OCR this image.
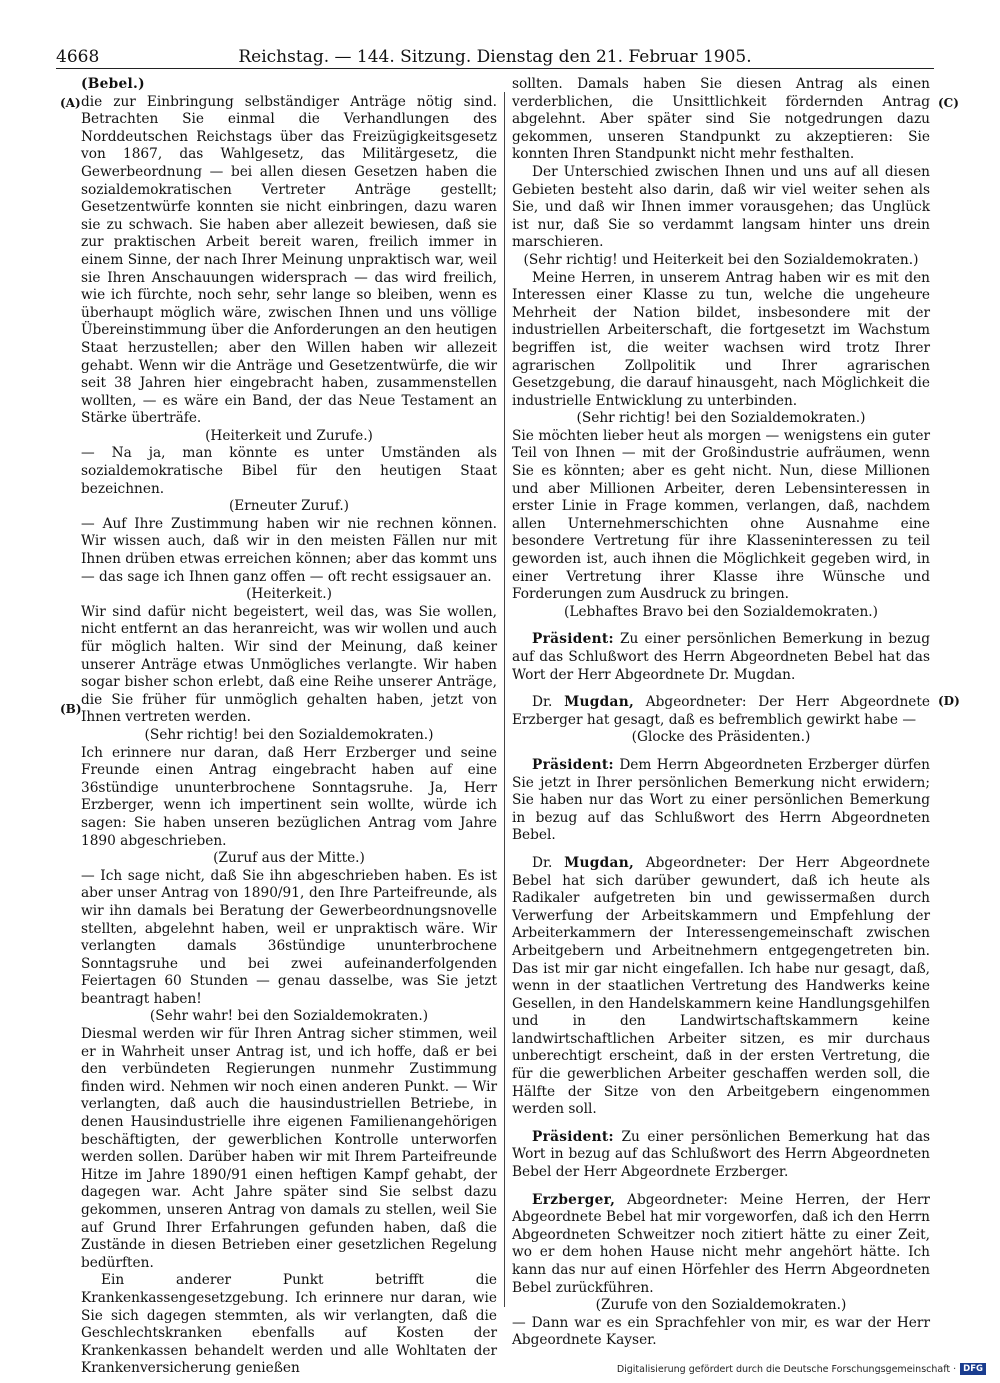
4668	Reichstag. — 144. Sitzung. Dienstag den 21. Februar 1905.
(A)
(B)
(C)
(D)

(Bebel.)

die zur Einbringung selbständiger Anträge nötig sind. Betrachten Sie einmal die Verhandlungen des Norddeutschen Reichstags über das Freizügigkeitsgesetz von 1867, das Wahlgesetz, das Militärgesetz, die Gewerbeordnung — bei allen diesen Gesetzen haben die sozialdemokratischen Vertreter Anträge gestellt; Gesetzentwürfe konnten sie nicht einbringen, dazu waren sie zu schwach. Sie haben aber allezeit bewiesen, daß sie zur praktischen Arbeit bereit waren, freilich immer in einem Sinne, der nach Ihrer Meinung unpraktisch war, weil sie Ihren Anschauungen widersprach — das wird freilich, wie ich fürchte, noch sehr, sehr lange so bleiben, wenn es überhaupt möglich wäre, zwischen Ihnen und uns völlige Übereinstimmung über die Anforderungen an den heutigen Staat herzustellen; aber den Willen haben wir allezeit gehabt. Wenn wir die Anträge und Gesetzentwürfe, die wir seit 38 Jahren hier eingebracht haben, zusammenstellen wollten, — es wäre ein Band, der das Neue Testament an Stärke überträfe.

(Heiterkeit und Zurufe.)

— Na ja, man könnte es unter Umständen als sozialdemokratische Bibel für den heutigen Staat bezeichnen.

(Erneuter Zuruf.)

— Auf Ihre Zustimmung haben wir nie rechnen können. Wir wissen auch, daß wir in den meisten Fällen nur mit Ihnen drüben etwas erreichen können; aber das kommt uns — das sage ich Ihnen ganz offen — oft recht essigsauer an.

(Heiterkeit.)

Wir sind dafür nicht begeistert, weil das, was Sie wollen, nicht entfernt an das heranreicht, was wir wollen und auch für möglich halten. Wir sind der Meinung, daß keiner unserer Anträge etwas Unmögliches verlangte. Wir haben sogar bisher schon erlebt, daß eine Reihe unserer Anträge, die Sie früher für unmöglich gehalten haben, jetzt von Ihnen vertreten werden.

(Sehr richtig! bei den Sozialdemokraten.)

Ich erinnere nur daran, daß Herr Erzberger und seine Freunde einen Antrag eingebracht haben auf eine 36stündige ununterbrochene Sonntagsruhe. Ja, Herr Erzberger, wenn ich impertinent sein wollte, würde ich sagen: Sie haben unseren bezüglichen Antrag vom Jahre 1890 abgeschrieben.

(Zuruf aus der Mitte.)

— Ich sage nicht, daß Sie ihn abgeschrieben haben. Es ist aber unser Antrag von 1890/91, den Ihre Parteifreunde, als wir ihn damals bei Beratung der Gewerbeordnungsnovelle stellten, abgelehnt haben, weil er unpraktisch wäre. Wir verlangten damals 36stündige ununterbrochene Sonntagsruhe und bei zwei aufeinanderfolgenden Feiertagen 60 Stunden — genau dasselbe, was Sie jetzt beantragt haben!

(Sehr wahr! bei den Sozialdemokraten.)

Diesmal werden wir für Ihren Antrag sicher stimmen, weil er in Wahrheit unser Antrag ist, und ich hoffe, daß er bei den verbündeten Regierungen nunmehr Zustimmung finden wird. Nehmen wir noch einen anderen Punkt. — Wir verlangten, daß auch die hausindustriellen Betriebe, in denen Hausindustrielle ihre eigenen Familienangehörigen beschäftigten, der gewerblichen Kontrolle unterworfen werden sollen. Darüber haben wir mit Ihrem Parteifreunde Hitze im Jahre 1890/91 einen heftigen Kampf gehabt, der dagegen war. Acht Jahre später sind Sie selbst dazu gekommen, unseren Antrag von damals zu stellen, weil Sie auf Grund Ihrer Erfahrungen gefunden haben, daß die Zustände in diesen Betrieben einer gesetzlichen Regelung bedürften.

Ein anderer Punkt betrifft die Krankenkassengesetzgebung. Ich erinnere nur daran, wie Sie sich dagegen stemmten, als wir verlangten, daß die Geschlechtskranken ebenfalls auf Kosten der Krankenkassen behandelt werden und alle Wohltaten der Krankenversicherung genießen

sollten. Damals haben Sie diesen Antrag als einen verderblichen, die Unsittlichkeit fördernden Antrag abgelehnt. Aber später sind Sie notgedrungen dazu gekommen, unseren Standpunkt zu akzeptieren: Sie konnten Ihren Standpunkt nicht mehr festhalten.

Der Unterschied zwischen Ihnen und uns auf all diesen Gebieten besteht also darin, daß wir viel weiter sehen als Sie, und daß wir Ihnen immer vorausgehen; das Unglück ist nur, daß Sie so verdammt langsam hinter uns drein marschieren.

(Sehr richtig! und Heiterkeit bei den Sozialdemokraten.)

Meine Herren, in unserem Antrag haben wir es mit den Interessen einer Klasse zu tun, welche die ungeheure Mehrheit der Nation bildet, insbesondere mit der industriellen Arbeiterschaft, die fortgesetzt im Wachstum begriffen ist, die weiter wachsen wird trotz Ihrer agrarischen Zollpolitik und Ihrer agrarischen Gesetzgebung, die darauf hinausgeht, nach Möglichkeit die industrielle Entwicklung zu unterbinden.

(Sehr richtig! bei den Sozialdemokraten.)

Sie möchten lieber heut als morgen — wenigstens ein guter Teil von Ihnen — mit der Großindustrie aufräumen, wenn Sie es könnten; aber es geht nicht. Nun, diese Millionen und aber Millionen Arbeiter, deren Lebensinteressen in erster Linie in Frage kommen, verlangen, daß, nachdem allen Unternehmerschichten ohne Ausnahme eine besondere Vertretung für ihre Klasseninteressen zu teil geworden ist, auch ihnen die Möglichkeit gegeben wird, in einer Vertretung ihrer Klasse ihre Wünsche und Forderungen zum Ausdruck zu bringen.

(Lebhaftes Bravo bei den Sozialdemokraten.)

Präsident: Zu einer persönlichen Bemerkung in bezug auf das Schlußwort des Herrn Abgeordneten Bebel hat das Wort der Herr Abgeordnete Dr. Mugdan.

Dr. Mugdan, Abgeordneter: Der Herr Abgeordnete Erzberger hat gesagt, daß es befremblich gewirkt habe —

(Glocke des Präsidenten.)

Präsident: Dem Herrn Abgeordneten Erzberger dürfen Sie jetzt in Ihrer persönlichen Bemerkung nicht erwidern; Sie haben nur das Wort zu einer persönlichen Bemerkung in bezug auf das Schlußwort des Herrn Abgeordneten Bebel.

Dr. Mugdan, Abgeordneter: Der Herr Abgeordnete Bebel hat sich darüber gewundert, daß ich heute als Radikaler aufgetreten bin und gewissermaßen durch Verwerfung der Arbeitskammern und Empfehlung der Arbeiterkammern der Interessengemeinschaft zwischen Arbeitgebern und Arbeitnehmern entgegengetreten bin. Das ist mir gar nicht eingefallen. Ich habe nur gesagt, daß, wenn in der staatlichen Vertretung des Handwerks keine Gesellen, in den Handelskammern keine Handlungsgehilfen und in den Landwirtschaftskammern keine landwirtschaftlichen Arbeiter sitzen, es mir durchaus unberechtigt erscheint, daß in der ersten Vertretung, die für die gewerblichen Arbeiter geschaffen werden soll, die Hälfte der Sitze von den Arbeitgebern eingenommen werden soll.

Präsident: Zu einer persönlichen Bemerkung hat das Wort in bezug auf das Schlußwort des Herrn Abgeordneten Bebel der Herr Abgeordnete Erzberger.

Erzberger, Abgeordneter: Meine Herren, der Herr Abgeordnete Bebel hat mir vorgeworfen, daß ich den Herrn Abgeordneten Schweitzer noch zitiert hätte zu einer Zeit, wo er dem hohen Hause nicht mehr angehört hätte. Ich kann das nur auf einen Hörfehler des Herrn Abgeordneten Bebel zurückführen.

(Zurufe von den Sozialdemokraten.)

— Dann war es ein Sprachfehler von mir, es war der Herr Abgeordnete Kayser.

Digitalisierung gefördert durch die Deutsche Forschungsgemeinschaft · DFG
